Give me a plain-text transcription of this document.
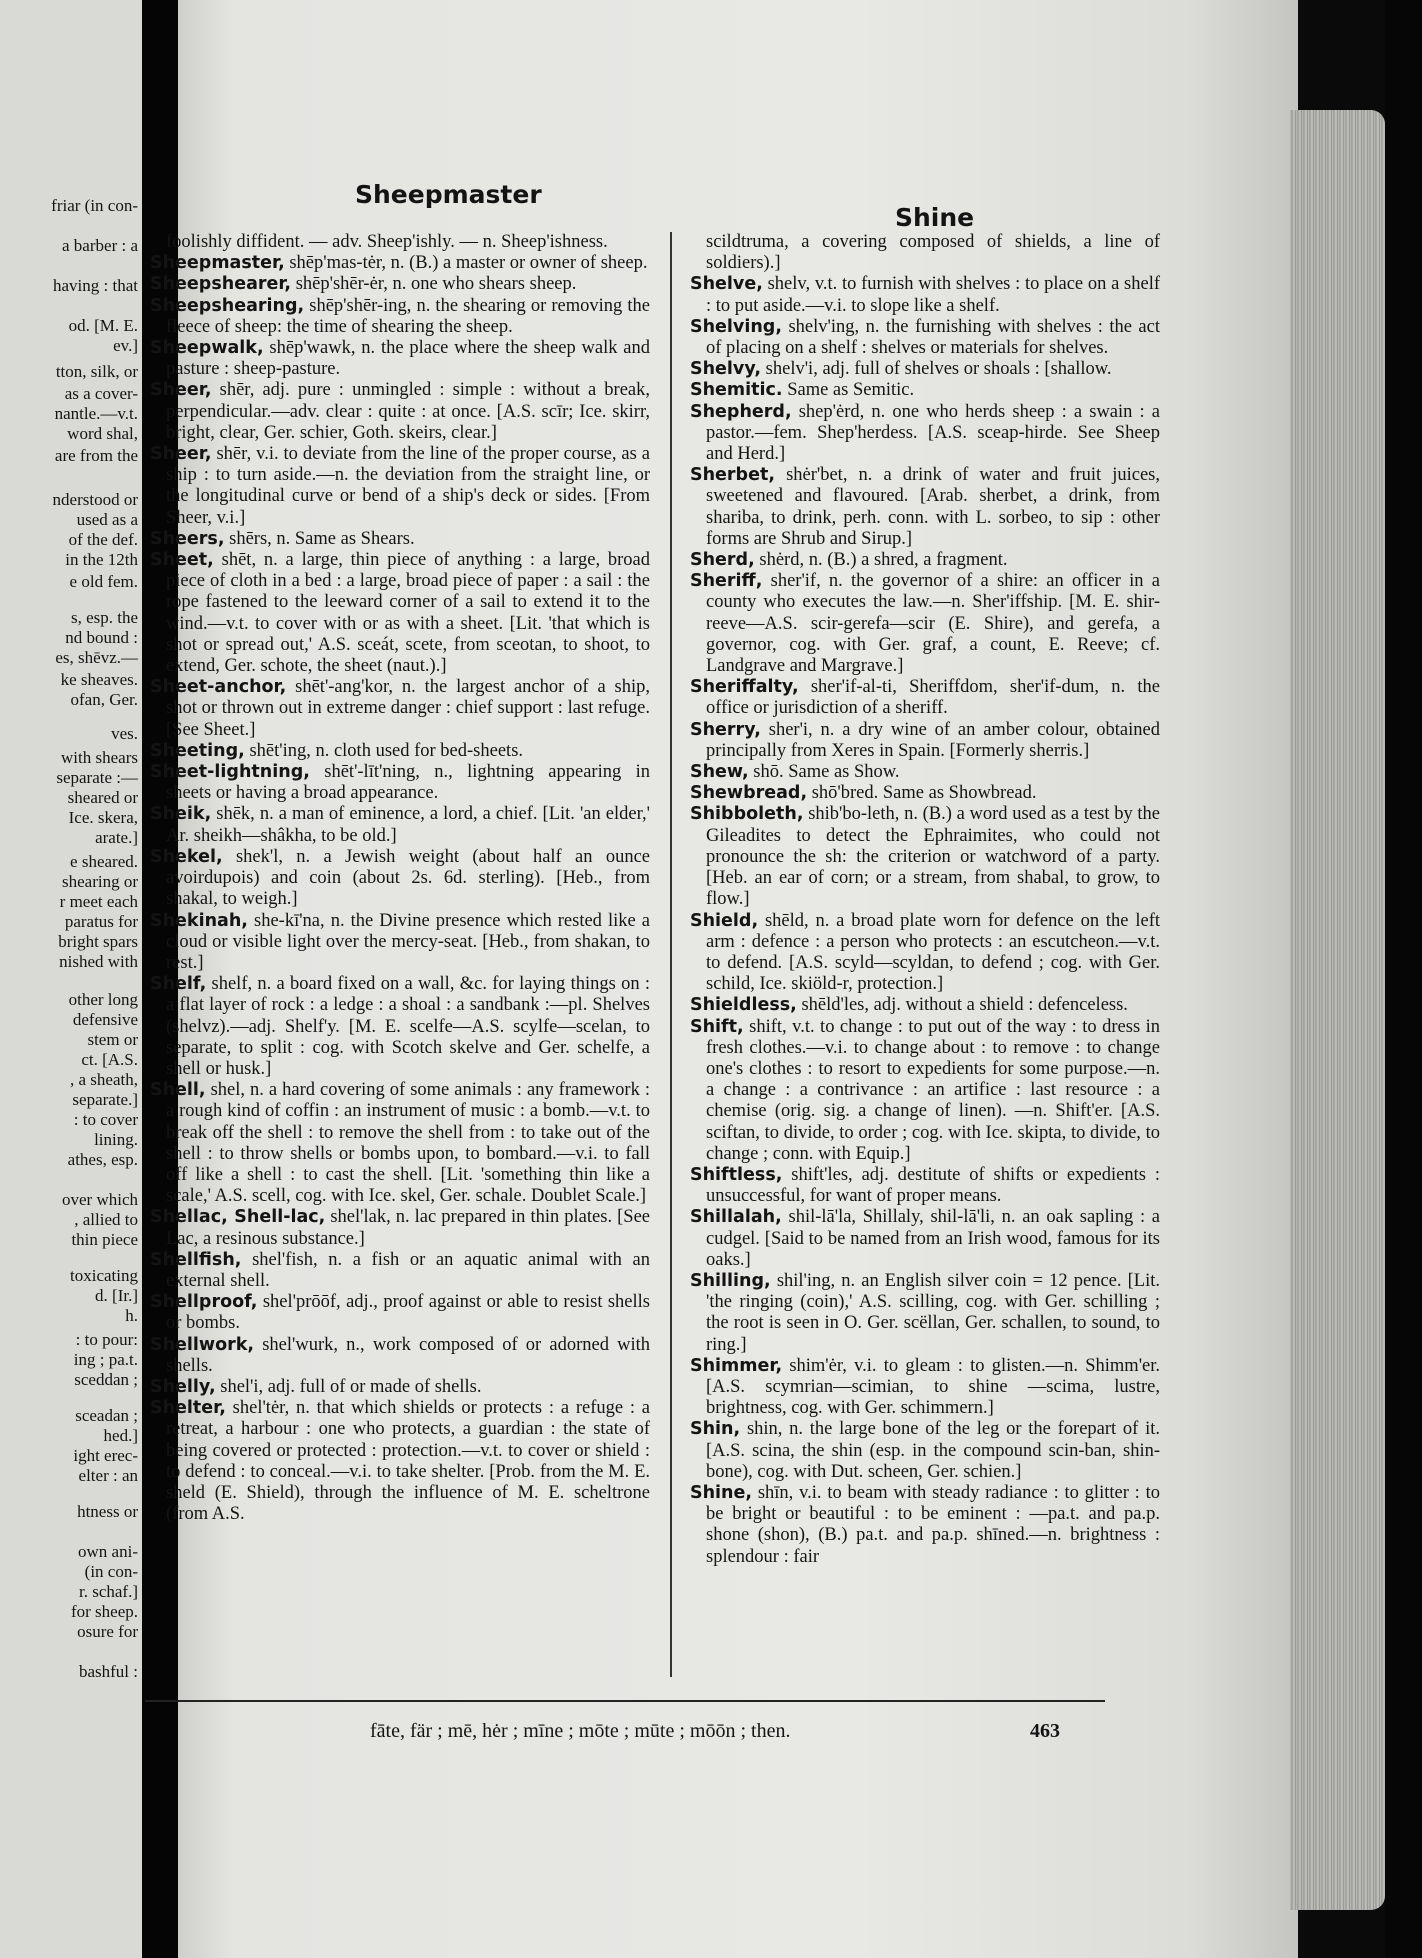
friar (in con-
a barber : a
having : that
od. [M. E.
ev.]
tton, silk, or
as a cover-
nantle.—v.t.
word shal,
are from the
nderstood or
used as a
of the def.
in the 12th
e old fem.
s, esp. the
nd bound :
es, shēvz.—
ke sheaves.
ofan, Ger.
ves.
with shears
separate :—
sheared or
Ice. skera,
arate.]
e sheared.
shearing or
r meet each
paratus for
bright spars
nished with
other long
defensive
stem or
ct. [A.S.
, a sheath,
separate.]
: to cover
lining.
athes, esp.
over which
, allied to
thin piece
toxicating
d. [Ir.]
h.
: to pour:
ing ; pa.t.
sceddan ;
sceadan ;
hed.]
ight erec-
elter : an
htness or
own ani-
(in con-
r. schaf.]
for sheep.
osure for
bashful :
Sheepmaster
Shine
foolishly diffident. — adv. Sheep'ishly. — n. Sheep'ishness.
Sheepmaster, shēp'mas-tėr, n. (B.) a master or owner of sheep.
Sheepshearer, shēp'shēr-ėr, n. one who shears sheep.
Sheepshearing, shēp'shēr-ing, n. the shearing or removing the fleece of sheep: the time of shearing the sheep.
Sheepwalk, shēp'wawk, n. the place where the sheep walk and pasture : sheep-pasture.
Sheer, shēr, adj. pure : unmingled : simple : without a break, perpendicular.—adv. clear : quite : at once. [A.S. scīr; Ice. skirr, bright, clear, Ger. schier, Goth. skeirs, clear.]
Sheer, shēr, v.i. to deviate from the line of the proper course, as a ship : to turn aside.—n. the deviation from the straight line, or the longitudinal curve or bend of a ship's deck or sides. [From Sheer, v.i.]
Sheers, shērs, n. Same as Shears.
Sheet, shēt, n. a large, thin piece of anything : a large, broad piece of cloth in a bed : a large, broad piece of paper : a sail : the rope fastened to the leeward corner of a sail to extend it to the wind.—v.t. to cover with or as with a sheet. [Lit. 'that which is shot or spread out,' A.S. sceát, scete, from sceotan, to shoot, to extend, Ger. schote, the sheet (naut.).]
Sheet-anchor, shēt'-ang'kor, n. the largest anchor of a ship, shot or thrown out in extreme danger : chief support : last refuge. [See Sheet.]
Sheeting, shēt'ing, n. cloth used for bed-sheets.
Sheet-lightning, shēt'-līt'ning, n., lightning appearing in sheets or having a broad appearance.
Sheik, shēk, n. a man of eminence, a lord, a chief. [Lit. 'an elder,' Ar. sheikh—shâkha, to be old.]
Shekel, shek'l, n. a Jewish weight (about half an ounce avoirdupois) and coin (about 2s. 6d. sterling). [Heb., from shakal, to weigh.]
Shekinah, she-kī'na, n. the Divine presence which rested like a cloud or visible light over the mercy-seat. [Heb., from shakan, to rest.]
Shelf, shelf, n. a board fixed on a wall, &c. for laying things on : a flat layer of rock : a ledge : a shoal : a sandbank :—pl. Shelves (shelvz).—adj. Shelf'y. [M. E. scelfe—A.S. scylfe—scelan, to separate, to split : cog. with Scotch skelve and Ger. schelfe, a shell or husk.]
Shell, shel, n. a hard covering of some animals : any framework : a rough kind of coffin : an instrument of music : a bomb.—v.t. to break off the shell : to remove the shell from : to take out of the shell : to throw shells or bombs upon, to bombard.—v.i. to fall off like a shell : to cast the shell. [Lit. 'something thin like a scale,' A.S. scell, cog. with Ice. skel, Ger. schale. Doublet Scale.]
Shellac, Shell-lac, shel'lak, n. lac prepared in thin plates. [See Lac, a resinous substance.]
Shellfish, shel'fish, n. a fish or an aquatic animal with an external shell.
Shellproof, shel'prōōf, adj., proof against or able to resist shells or bombs.
Shellwork, shel'wurk, n., work composed of or adorned with shells.
Shelly, shel'i, adj. full of or made of shells.
Shelter, shel'tėr, n. that which shields or protects : a refuge : a retreat, a harbour : one who protects, a guardian : the state of being covered or protected : protection.—v.t. to cover or shield : to defend : to conceal.—v.i. to take shelter. [Prob. from the M. E. sheld (E. Shield), through the influence of M. E. scheltrone (from A.S.
scildtruma, a covering composed of shields, a line of soldiers).]
Shelve, shelv, v.t. to furnish with shelves : to place on a shelf : to put aside.—v.i. to slope like a shelf.
Shelving, shelv'ing, n. the furnishing with shelves : the act of placing on a shelf : shelves or materials for shelves.
Shelvy, shelv'i, adj. full of shelves or shoals : [shallow.
Shemitic. Same as Semitic.
Shepherd, shep'ėrd, n. one who herds sheep : a swain : a pastor.—fem. Shep'herdess. [A.S. sceap-hirde. See Sheep and Herd.]
Sherbet, shėr'bet, n. a drink of water and fruit juices, sweetened and flavoured. [Arab. sherbet, a drink, from shariba, to drink, perh. conn. with L. sorbeo, to sip : other forms are Shrub and Sirup.]
Sherd, shėrd, n. (B.) a shred, a fragment.
Sheriff, sher'if, n. the governor of a shire: an officer in a county who executes the law.—n. Sher'iffship. [M. E. shir-reeve—A.S. scir-gerefa—scir (E. Shire), and gerefa, a governor, cog. with Ger. graf, a count, E. Reeve; cf. Landgrave and Margrave.]
Sheriffalty, sher'if-al-ti, Sheriffdom, sher'if-dum, n. the office or jurisdiction of a sheriff.
Sherry, sher'i, n. a dry wine of an amber colour, obtained principally from Xeres in Spain. [Formerly sherris.]
Shew, shō. Same as Show.
Shewbread, shō'bred. Same as Showbread.
Shibboleth, shib'bo-leth, n. (B.) a word used as a test by the Gileadites to detect the Ephraimites, who could not pronounce the sh: the criterion or watchword of a party. [Heb. an ear of corn; or a stream, from shabal, to grow, to flow.]
Shield, shēld, n. a broad plate worn for defence on the left arm : defence : a person who protects : an escutcheon.—v.t. to defend. [A.S. scyld—scyldan, to defend ; cog. with Ger. schild, Ice. skiöld-r, protection.]
Shieldless, shēld'les, adj. without a shield : defenceless.
Shift, shift, v.t. to change : to put out of the way : to dress in fresh clothes.—v.i. to change about : to remove : to change one's clothes : to resort to expedients for some purpose.—n. a change : a contrivance : an artifice : last resource : a chemise (orig. sig. a change of linen). —n. Shift'er. [A.S. sciftan, to divide, to order ; cog. with Ice. skipta, to divide, to change ; conn. with Equip.]
Shiftless, shift'les, adj. destitute of shifts or expedients : unsuccessful, for want of proper means.
Shillalah, shil-lā'la, Shillaly, shil-lā'li, n. an oak sapling : a cudgel. [Said to be named from an Irish wood, famous for its oaks.]
Shilling, shil'ing, n. an English silver coin = 12 pence. [Lit. 'the ringing (coin),' A.S. scilling, cog. with Ger. schilling ; the root is seen in O. Ger. scëllan, Ger. schallen, to sound, to ring.]
Shimmer, shim'ėr, v.i. to gleam : to glisten.—n. Shimm'er. [A.S. scymrian—scimian, to shine —scima, lustre, brightness, cog. with Ger. schimmern.]
Shin, shin, n. the large bone of the leg or the forepart of it. [A.S. scina, the shin (esp. in the compound scin-ban, shin-bone), cog. with Dut. scheen, Ger. schien.]
Shine, shīn, v.i. to beam with steady radiance : to glitter : to be bright or beautiful : to be eminent : —pa.t. and pa.p. shone (shon), (B.) pa.t. and pa.p. shīned.—n. brightness : splendour : fair
fāte, fär ; mē, hėr ; mīne ; mōte ; mūte ; mōōn ; then.	463
